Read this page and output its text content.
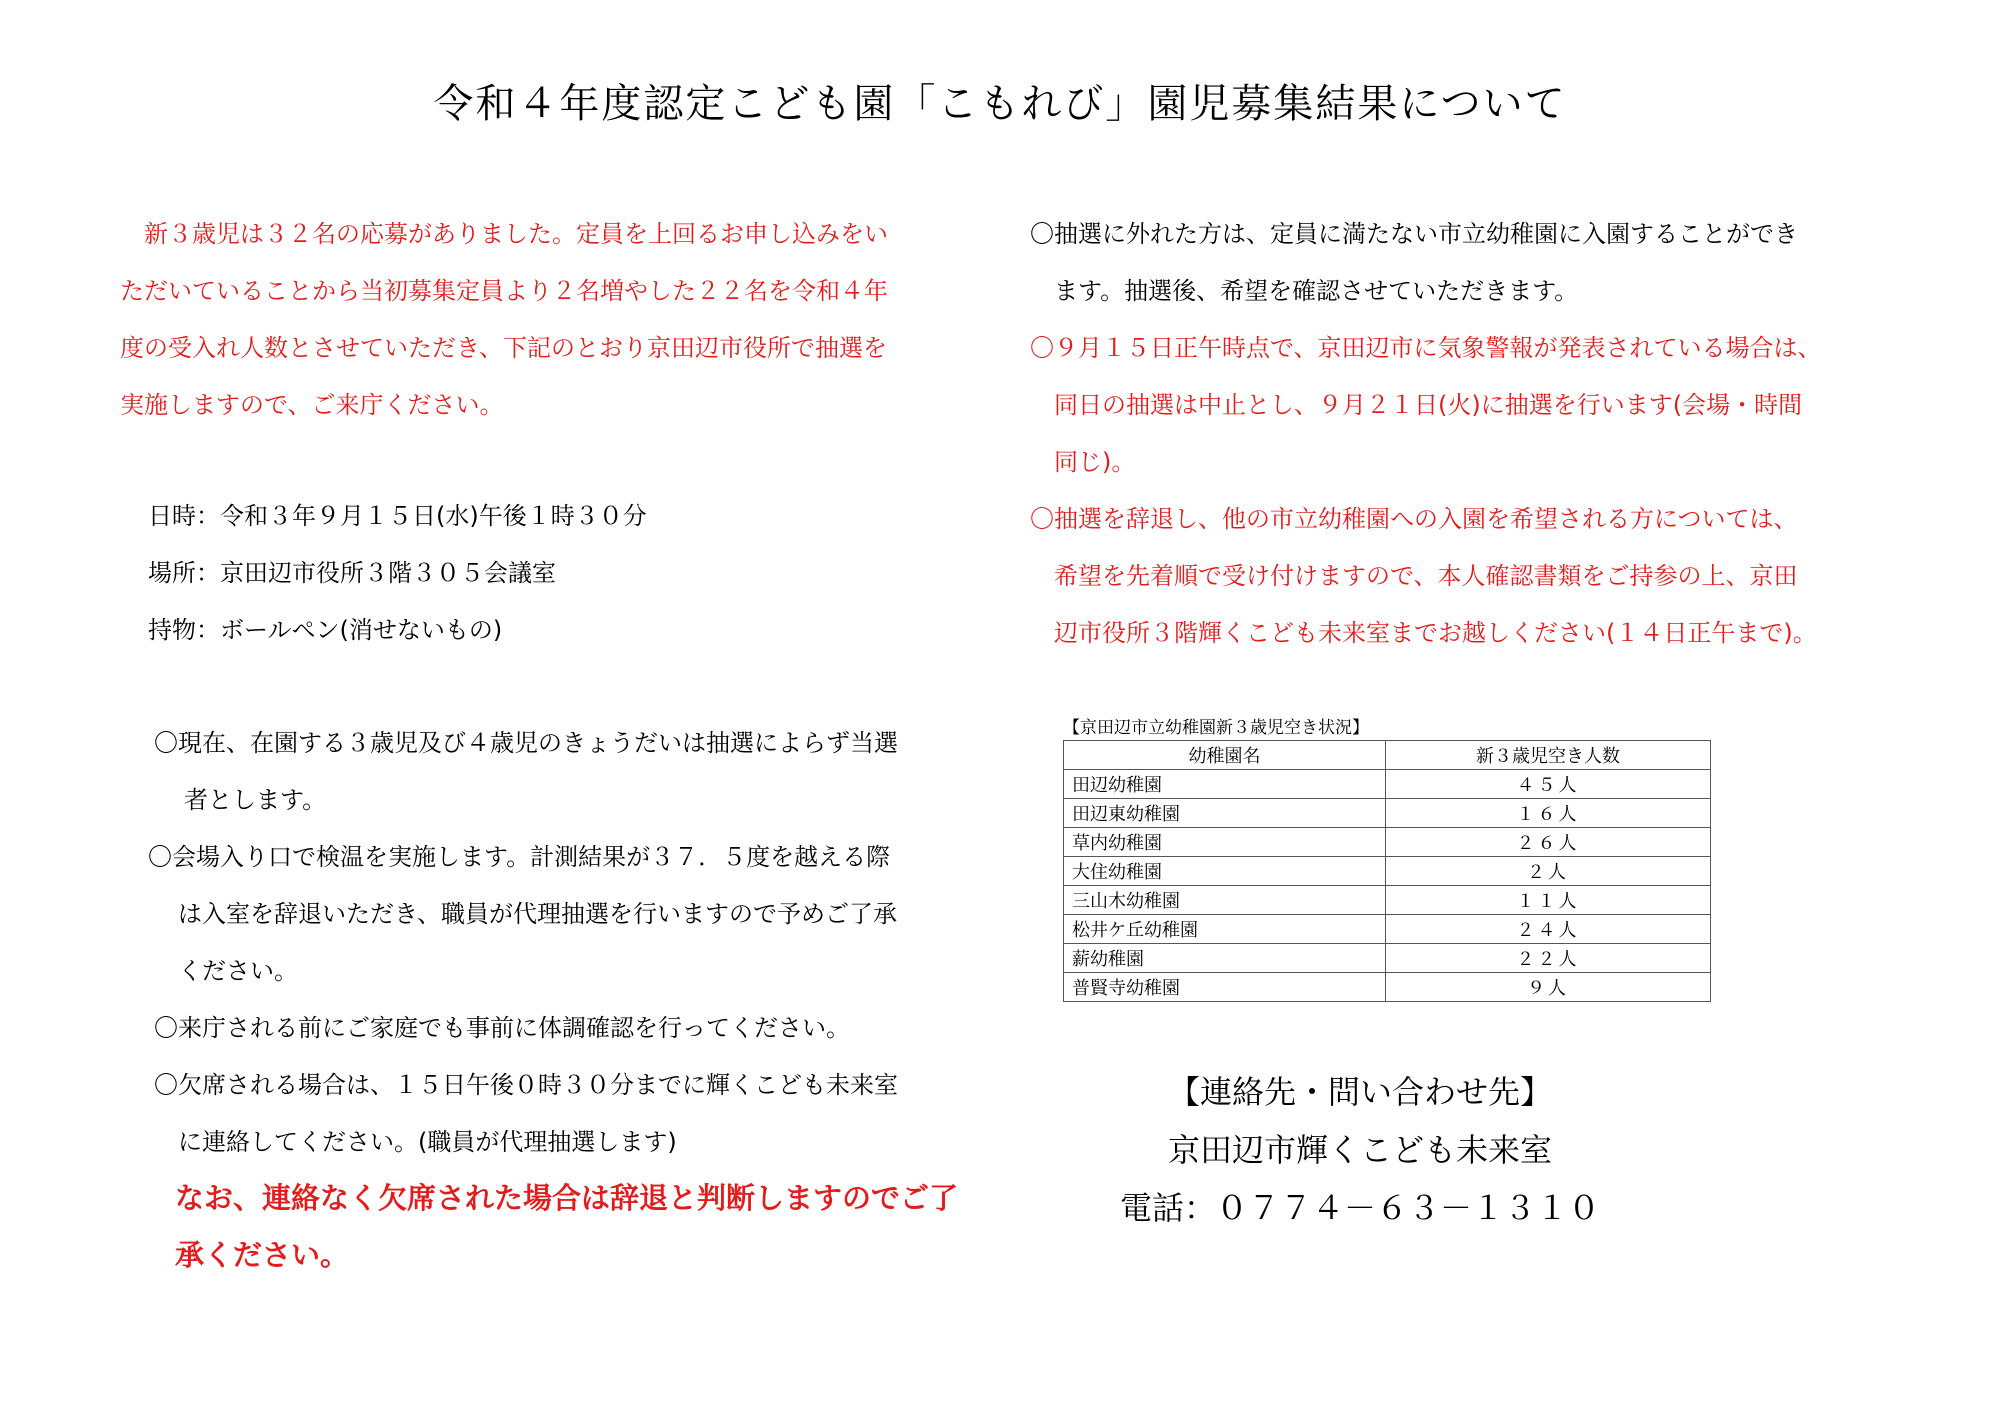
令和４年度認定こども園「こもれび」園児募集結果について
　新３歳児は３２名の応募がありました。定員を上回るお申し込みをい
ただいていることから当初募集定員より２名増やした２２名を令和４年
度の受入れ人数とさせていただき、下記のとおり京田辺市役所で抽選を
実施しますので、ご来庁ください。
日時：令和３年９月１５日(水)午後１時３０分
場所：京田辺市役所３階３０５会議室
持物：ボールペン(消せないもの)
〇現在、在園する３歳児及び４歳児のきょうだいは抽選によらず当選
　者とします。
〇会場入り口で検温を実施します。計測結果が３７．５度を越える際
　は入室を辞退いただき、職員が代理抽選を行いますので予めご了承
　ください。
〇来庁される前にご家庭でも事前に体調確認を行ってください。
〇欠席される場合は、１５日午後０時３０分までに輝くこども未来室
　に連絡してください。(職員が代理抽選します)
なお、連絡なく欠席された場合は辞退と判断しますのでご了
承ください。
〇抽選に外れた方は、定員に満たない市立幼稚園に入園することができ
　ます。抽選後、希望を確認させていただきます。
〇９月１５日正午時点で、京田辺市に気象警報が発表されている場合は、
　同日の抽選は中止とし、９月２１日(火)に抽選を行います(会場・時間
　同じ)。
〇抽選を辞退し、他の市立幼稚園への入園を希望される方については、
　希望を先着順で受け付けますので、本人確認書類をご持参の上、京田
　辺市役所３階輝くこども未来室までお越しください(１４日正午まで)。
【京田辺市立幼稚園新３歳児空き状況】
幼稚園名	新３歳児空き人数
田辺幼稚園	４５人
田辺東幼稚園	１６人
草内幼稚園	２６人
大住幼稚園	２人
三山木幼稚園	１１人
松井ケ丘幼稚園	２４人
薪幼稚園	２２人
普賢寺幼稚園	９人
【連絡先・問い合わせ先】
京田辺市輝くこども未来室
電話：０７７４－６３－１３１０
